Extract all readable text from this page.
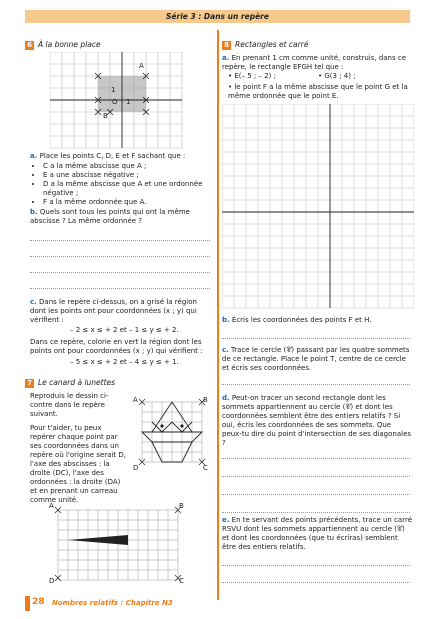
Série 3 : Dans un repère
6 À la bonne place
A
B
O 1
1
a. Place les points C, D, E et F sachant que :
• C a la même abscisse que A ;
• E a une abscisse négative ;
• D a la même abscisse que A et une ordonnée négative ;
• F a la même ordonnée que A.
b. Quels sont tous les points qui ont la même abscisse ? La même ordonnée ?
c. Dans le repère ci-dessus, on a grisé la région dont les points ont pour coordonnées (x ; y) qui vérifient :
– 2 ≤ x ≤ + 2 et – 1 ≤ y ≤ + 2.
Dans ce repère, colorie en vert la région dont les points ont pour coordonnées (x ; y) qui vérifient :
– 5 ≤ x ≤ + 2 et – 4 ≤ y ≤ + 1.
7 Le canard à lunettes
Reproduis le dessin ci-contre dans le repère suivant.
Pour t'aider, tu peux repérer chaque point par ses coordonnées dans un repère où l'origine serait D, l'axe des abscisses : la droite (DC), l'axe des ordonnées : la droite (DA) et en prenant un carreau comme unité.
A	B
D	C
A	B
D	C
8 Rectangles et carré
a. En prenant 1 cm comme unité, construis, dans ce repère, le rectangle EFGH tel que :
• E(– 5 ; – 2) ;	• G(3 ; 4) ;
• le point F a la même abscisse que le point G et la même ordonnée que le point E.
b. Écris les coordonnées des points F et H.
c. Trace le cercle (𝒞) passant par les quatre sommets de ce rectangle. Place le point T, centre de ce cercle et écris ses coordonnées.
d. Peut-on tracer un second rectangle dont les sommets appartiennent au cercle (𝒞) et dont les coordonnées semblent être des entiers relatifs ? Si oui, écris les coordonnées de ses sommets. Que peux-tu dire du point d'intersection de ses diagonales ?
e. En te servant des points précédents, trace un carré RSVU dont les sommets appartiennent au cercle (𝒞) et dont les coordonnées (que tu écriras) semblent être des entiers relatifs.
28 Nombres relatifs : Chapitre N3
